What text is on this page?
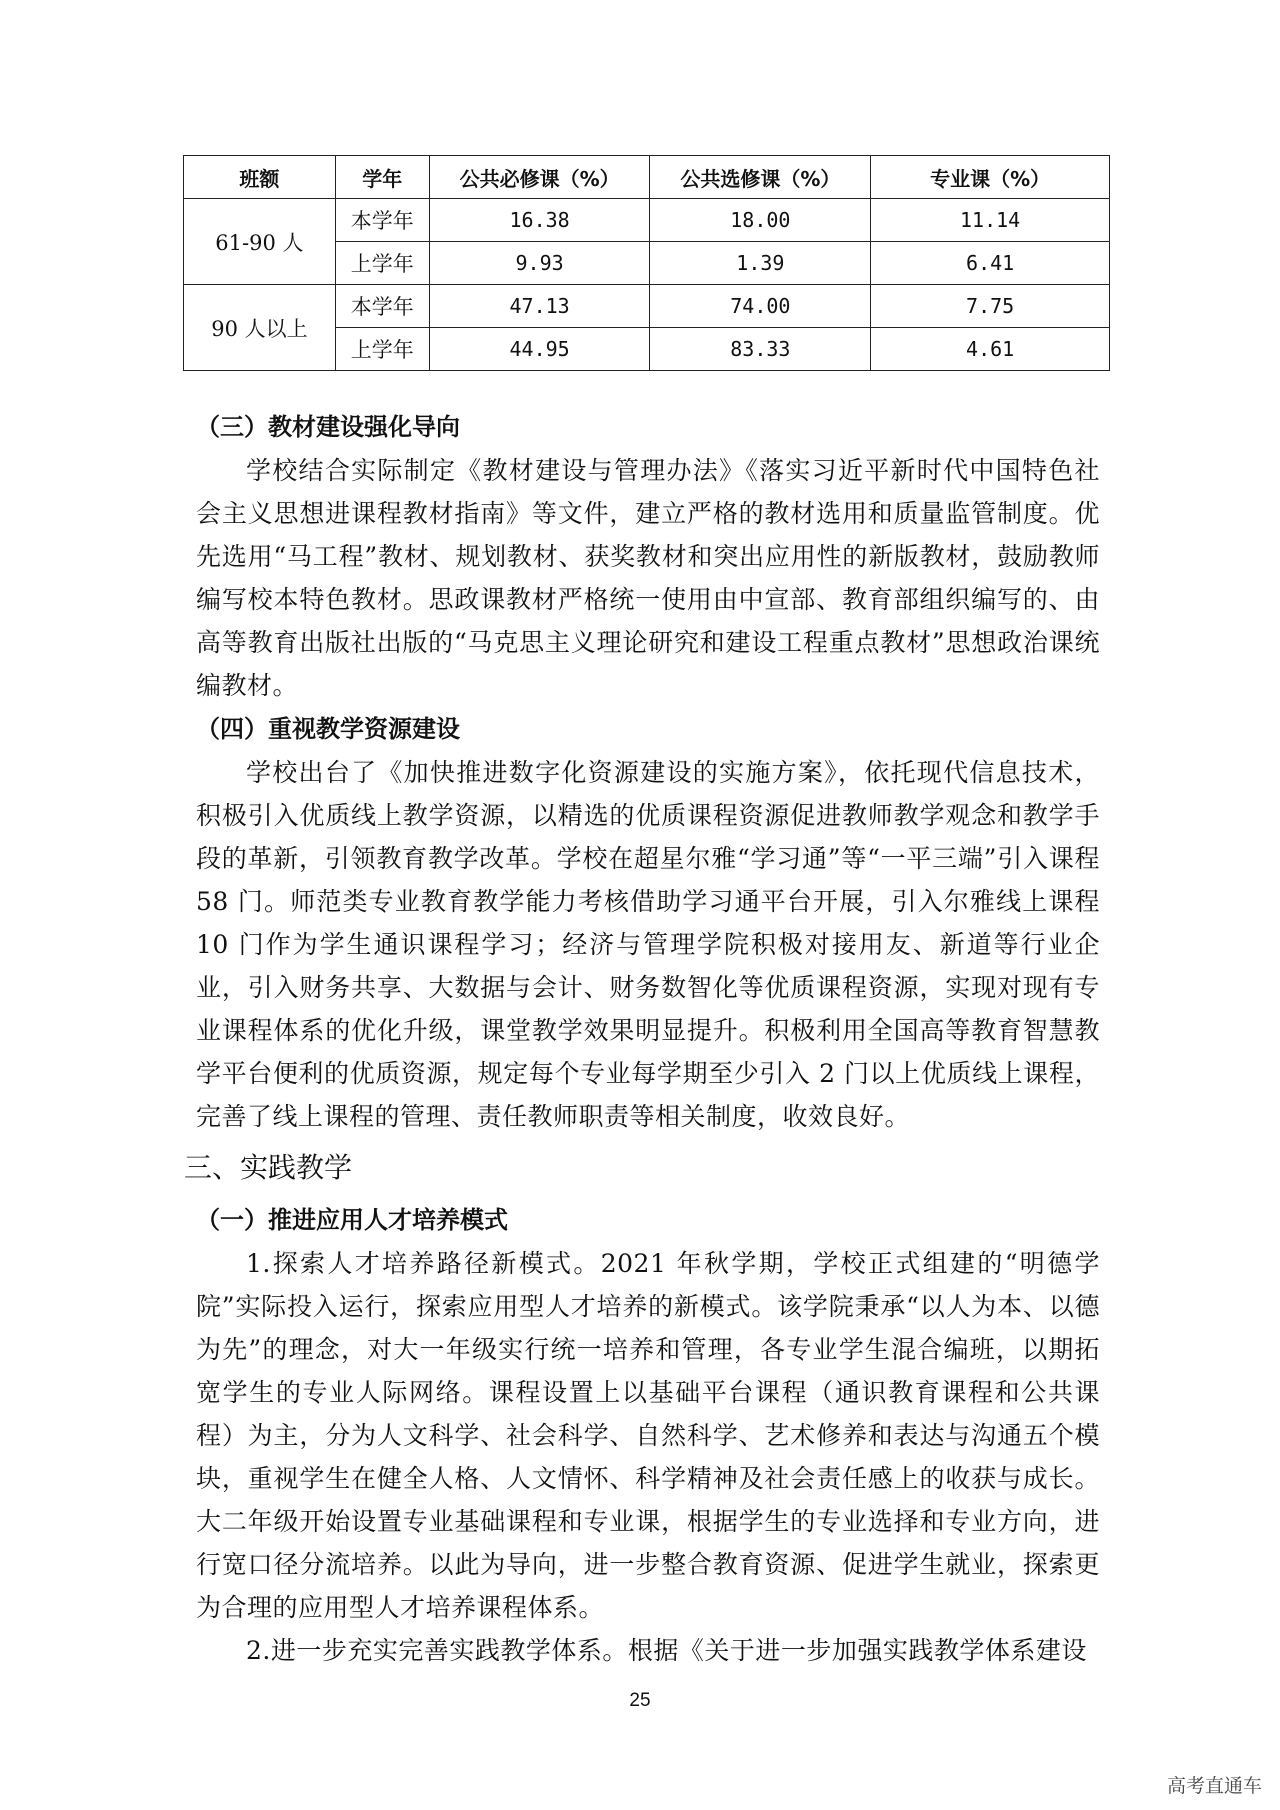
班额	学年	公共必修课（%）	公共选修课（%）	专业课（%）
61-90 人	本学年	16.38	18.00	11.14
	上学年	9.93	1.39	6.41
90 人以上	本学年	47.13	74.00	7.75
	上学年	44.95	83.33	4.61
（三）教材建设强化导向

学校结合实际制定《教材建设与管理办法》《落实习近平新时代中国特色社会主义思想进课程教材指南》等文件，建立严格的教材选用和质量监管制度。优先选用“马工程”教材、规划教材、获奖教材和突出应用性的新版教材，鼓励教师编写校本特色教材。思政课教材严格统一使用由中宣部、教育部组织编写的、由高等教育出版社出版的“马克思主义理论研究和建设工程重点教材”思想政治课统编教材。

（四）重视教学资源建设

学校出台了《加快推进数字化资源建设的实施方案》，依托现代信息技术，积极引入优质线上教学资源，以精选的优质课程资源促进教师教学观念和教学手段的革新，引领教育教学改革。学校在超星尔雅“学习通”等“一平三端”引入课程 58 门。师范类专业教育教学能力考核借助学习通平台开展，引入尔雅线上课程 10 门作为学生通识课程学习；经济与管理学院积极对接用友、新道等行业企业，引入财务共享、大数据与会计、财务数智化等优质课程资源，实现对现有专业课程体系的优化升级，课堂教学效果明显提升。积极利用全国高等教育智慧教学平台便利的优质资源，规定每个专业每学期至少引入 2 门以上优质线上课程，完善了线上课程的管理、责任教师职责等相关制度，收效良好。

三、实践教学
（一）推进应用人才培养模式

1.探索人才培养路径新模式。2021 年秋学期，学校正式组建的“明德学院”实际投入运行，探索应用型人才培养的新模式。该学院秉承“以人为本、以德为先”的理念，对大一年级实行统一培养和管理，各专业学生混合编班，以期拓宽学生的专业人际网络。课程设置上以基础平台课程（通识教育课程和公共课程）为主，分为人文科学、社会科学、自然科学、艺术修养和表达与沟通五个模块，重视学生在健全人格、人文情怀、科学精神及社会责任感上的收获与成长。大二年级开始设置专业基础课程和专业课，根据学生的专业选择和专业方向，进行宽口径分流培养。以此为导向，进一步整合教育资源、促进学生就业，探索更为合理的应用型人才培养课程体系。

2.进一步充实完善实践教学体系。根据《关于进一步加强实践教学体系建设

25
高考直通车
